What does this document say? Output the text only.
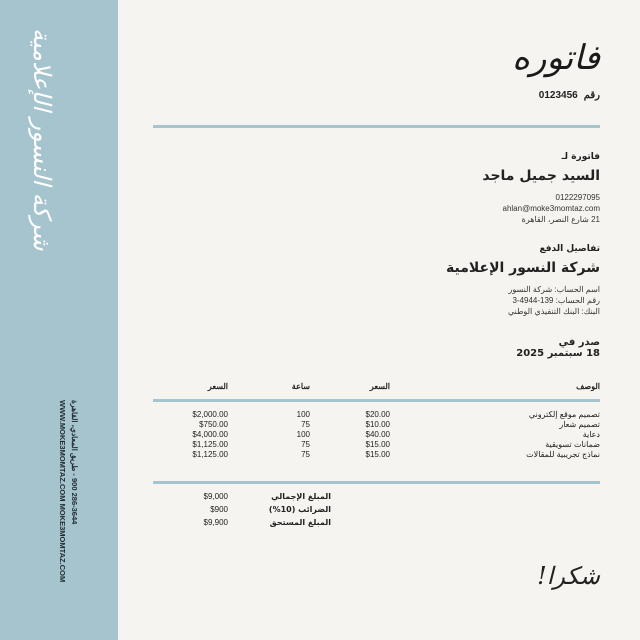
شركة النسور الإعلامية
286-3644 900 - طريق المعادي، القاهرة
WWW.MOKE3MOMTAZ.COM MOKE3MOMTAZ.COM
فاتوره
رقم
0123456
فاتورة لـ
السيد جميل ماجد
0122297095
ahlan@moke3momtaz.com
21 شارع النصر، القاهرة
تفاصيل الدفع
شركة النسور الإعلامية
اسم الحساب: شركة النسور
رقم الحساب: 139-4944-3
البنك: البنك التنفيذي الوطني
صدر في
18 سبتمبر 2025
الوصف
السعر
ساعة
السعر
تصميم موقع إلكتروني
$20.00
100
$2,000.00
تصميم شعار
$10.00
75
$750.00
دعاية
$40.00
100
$4,000.00
ضمانات تسويقية
$15.00
75
$1,125.00
نماذج تجريبية للمقالات
$15.00
75
$1,125.00
المبلغ الإجمالي
$9,000
الضرائب (10%)
$900
المبلغ المستحق
$9,900
شكرا!
